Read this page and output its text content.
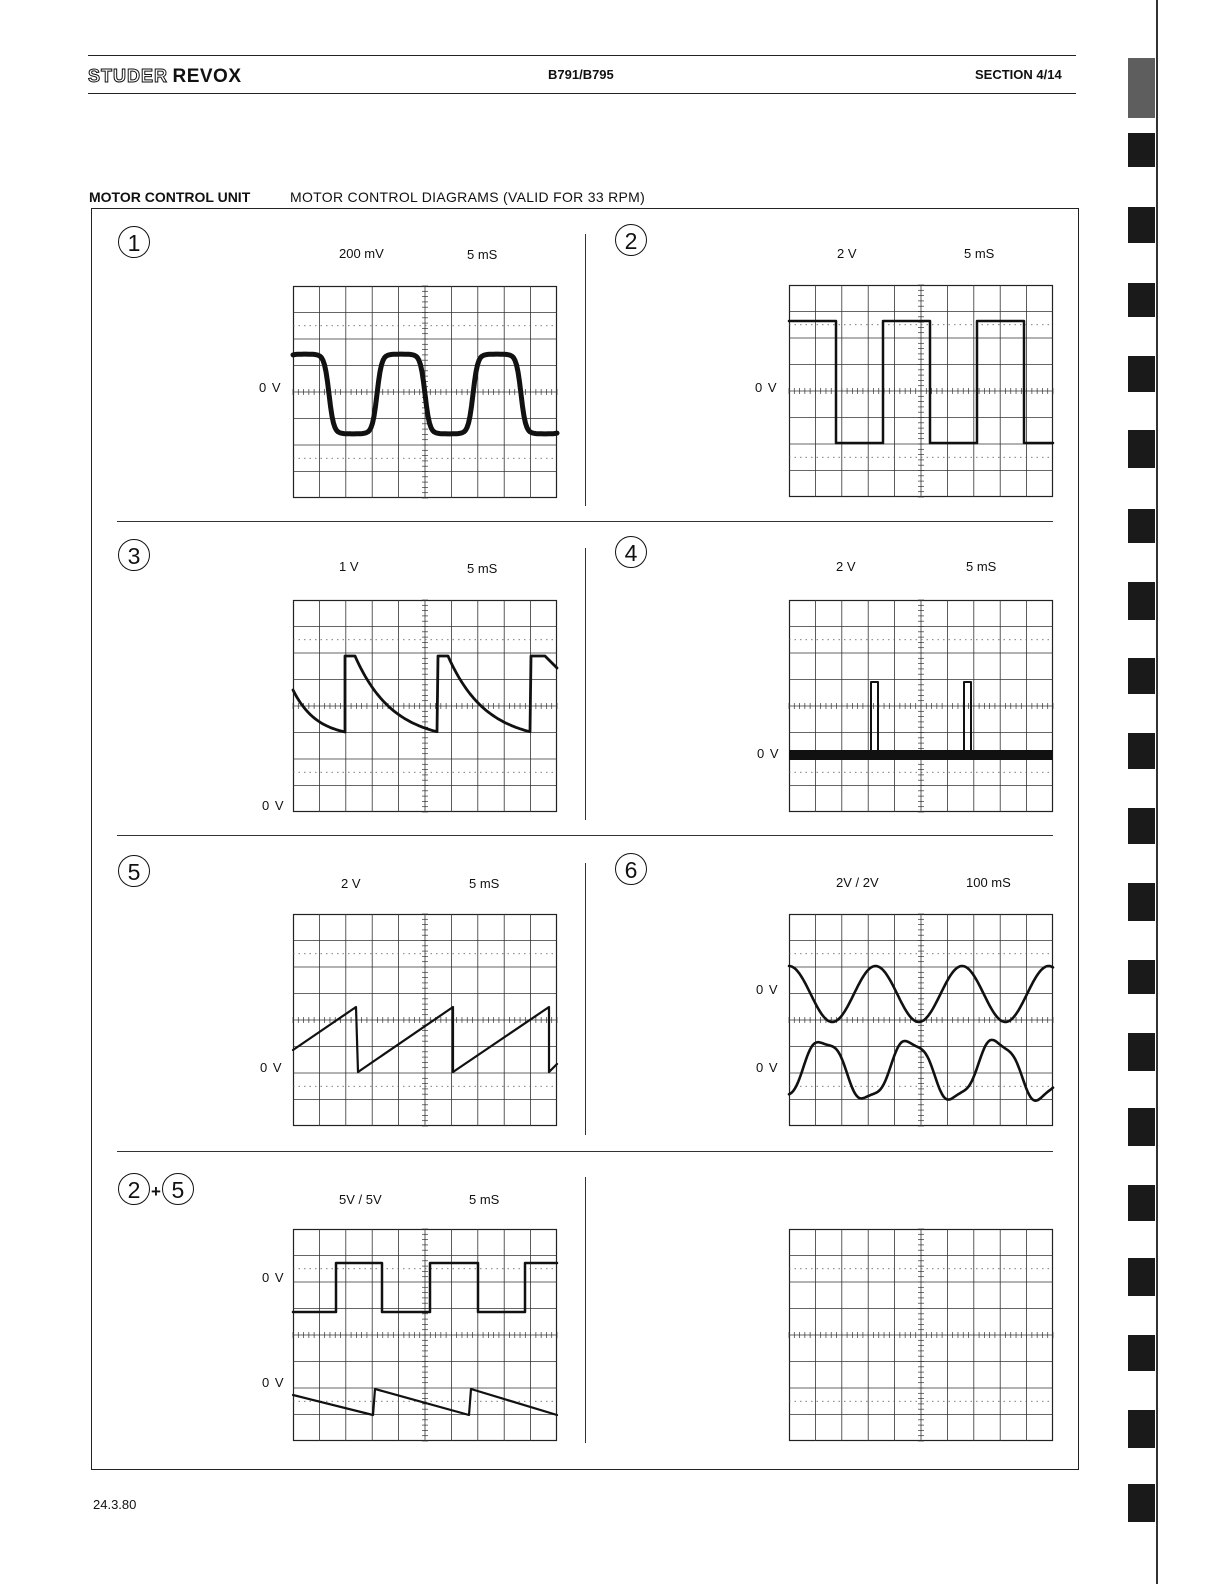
STUDER REVOX	B791/B795	SECTION 4/14
MOTOR CONTROL UNIT	MOTOR CONTROL DIAGRAMS (VALID FOR 33 RPM)
1	200 mV	5 mS
0 V
2	2 V	5 mS
0 V
3	1 V	5 mS
0 V
4
2 V	5 mS
0 V
5	2 V	5 mS
0 V
6	2V / 2V	100 mS
0 V
0 V
2 + 5	5V / 5V	5 mS
0 V
0 V
24.3.80
